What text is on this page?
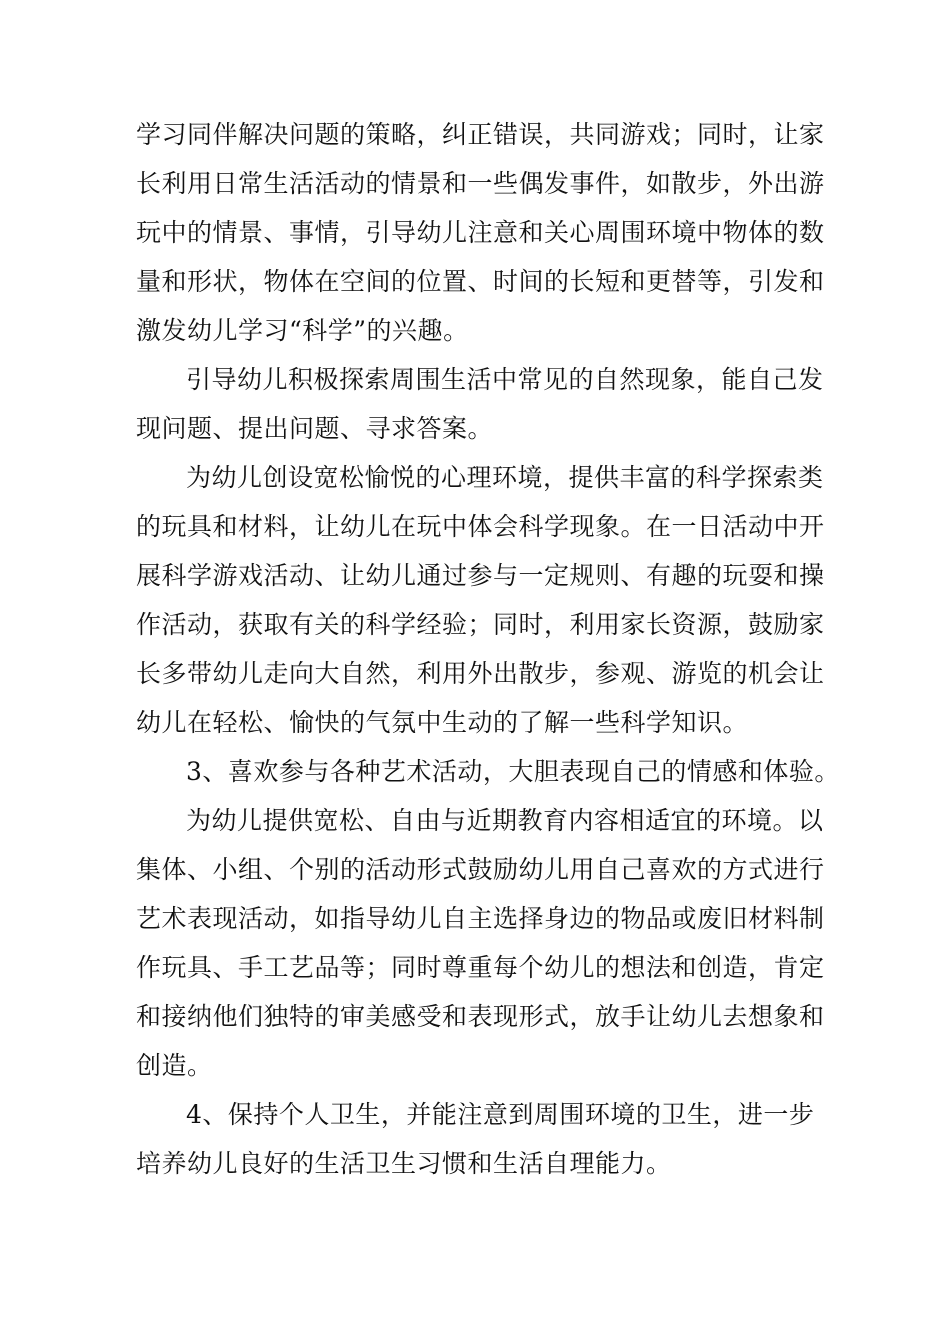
学习同伴解决问题的策略，纠正错误，共同游戏；同时，让家
长利用日常生活活动的情景和一些偶发事件，如散步，外出游
玩中的情景、事情，引导幼儿注意和关心周围环境中物体的数
量和形状，物体在空间的位置、时间的长短和更替等，引发和
激发幼儿学习“科学”的兴趣。
引导幼儿积极探索周围生活中常见的自然现象，能自己发
现问题、提出问题、寻求答案。
为幼儿创设宽松愉悦的心理环境，提供丰富的科学探索类
的玩具和材料，让幼儿在玩中体会科学现象。在一日活动中开
展科学游戏活动、让幼儿通过参与一定规则、有趣的玩耍和操
作活动，获取有关的科学经验；同时，利用家长资源，鼓励家
长多带幼儿走向大自然，利用外出散步，参观、游览的机会让
幼儿在轻松、愉快的气氛中生动的了解一些科学知识。
3、喜欢参与各种艺术活动，大胆表现自己的情感和体验。
为幼儿提供宽松、自由与近期教育内容相适宜的环境。以
集体、小组、个别的活动形式鼓励幼儿用自己喜欢的方式进行
艺术表现活动，如指导幼儿自主选择身边的物品或废旧材料制
作玩具、手工艺品等；同时尊重每个幼儿的想法和创造，肯定
和接纳他们独特的审美感受和表现形式，放手让幼儿去想象和
创造。
4、保持个人卫生，并能注意到周围环境的卫生，进一步
培养幼儿良好的生活卫生习惯和生活自理能力。
